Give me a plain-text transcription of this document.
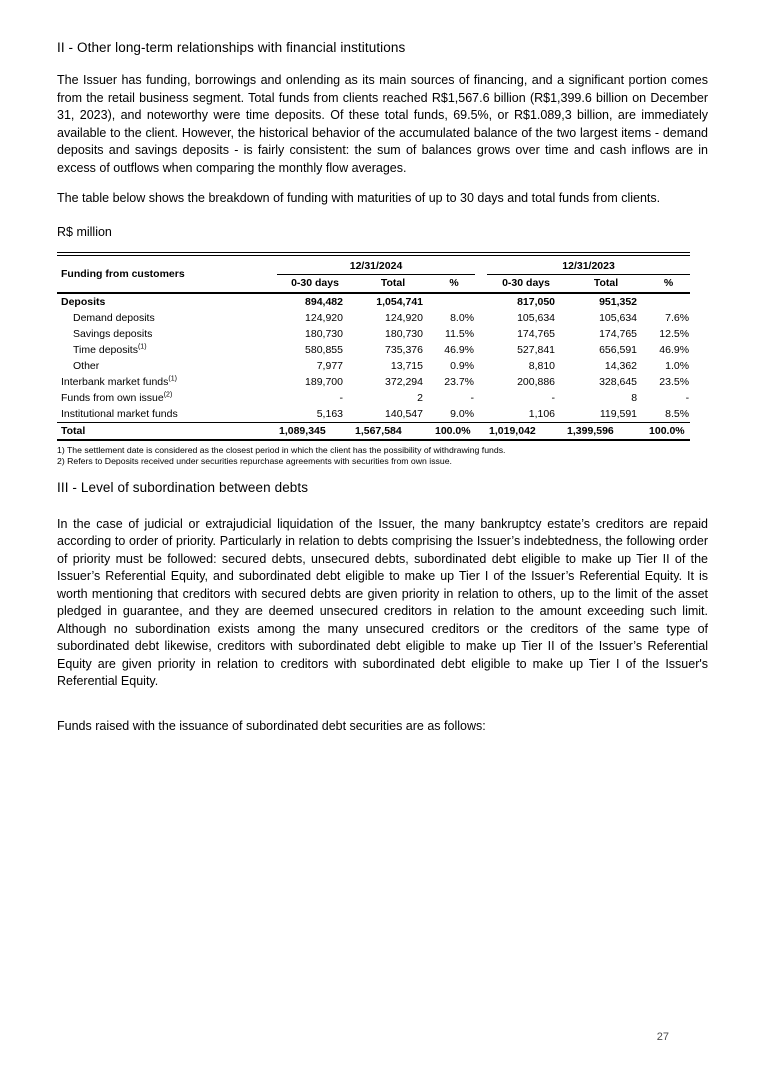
II - Other long-term relationships with financial institutions

The Issuer has funding, borrowings and onlending as its main sources of financing, and a significant portion comes from the retail business segment. Total funds from clients reached R$1,567.6 billion (R$1,399.6 billion on December 31, 2023), and noteworthy were time deposits. Of these total funds, 69.5%, or R$1.089,3 billion, are immediately available to the client. However, the historical behavior of the accumulated balance of the two largest items - demand deposits and savings deposits - is fairly consistent: the sum of balances grows over time and cash inflows are in excess of outflows when comparing the monthly flow averages.

The table below shows the breakdown of funding with maturities of up to 30 days and total funds from clients.

R$ million

Funding from customers	12/31/2024				12/31/2023		
	0-30 days	Total	%		0-30 days	Total	%
Deposits	894,482	1,054,741			817,050	951,352	
Demand deposits	124,920	124,920	8.0%		105,634	105,634	7.6%
Savings deposits	180,730	180,730	11.5%		174,765	174,765	12.5%
Time deposits$^{(1)}$	580,855	735,376	46.9%		527,841	656,591	46.9%
Other	7,977	13,715	0.9%		8,810	14,362	1.0%
Interbank market funds$^{(1)}$	189,700	372,294	23.7%		200,886	328,645	23.5%
Funds from own issue$^{(2)}$	-	2	-		-	8	-
Institutional market funds	5,163	140,547	9.0%		1,106	119,591	8.5%
Total	1,089,345	1,567,584	100.0%		1,019,042	1,399,596	100.0%

1) The settlement date is considered as the closest period in which the client has the possibility of withdrawing funds.

2) Refers to Deposits received under securities repurchase agreements with securities from own issue.

III - Level of subordination between debts

In the case of judicial or extrajudicial liquidation of the Issuer, the many bankruptcy estate’s creditors are repaid according to order of priority. Particularly in relation to debts comprising the Issuer’s indebtedness, the following order of priority must be followed: secured debts, unsecured debts, subordinated debt eligible to make up Tier II of the Issuer’s Referential Equity, and subordinated debt eligible to make up Tier I of the Issuer’s Referential Equity. It is worth mentioning that creditors with secured debts are given priority in relation to others, up to the limit of the asset pledged in guarantee, and they are deemed unsecured creditors in relation to the amount exceeding such limit. Although no subordination exists among the many unsecured creditors or the creditors of the same type of subordinated debt likewise, creditors with subordinated debt eligible to make up Tier II of the Issuer’s Referential Equity are given priority in relation to creditors with subordinated debt eligible to make up Tier I of the Issuer's Referential Equity.

Funds raised with the issuance of subordinated debt securities are as follows:

27
